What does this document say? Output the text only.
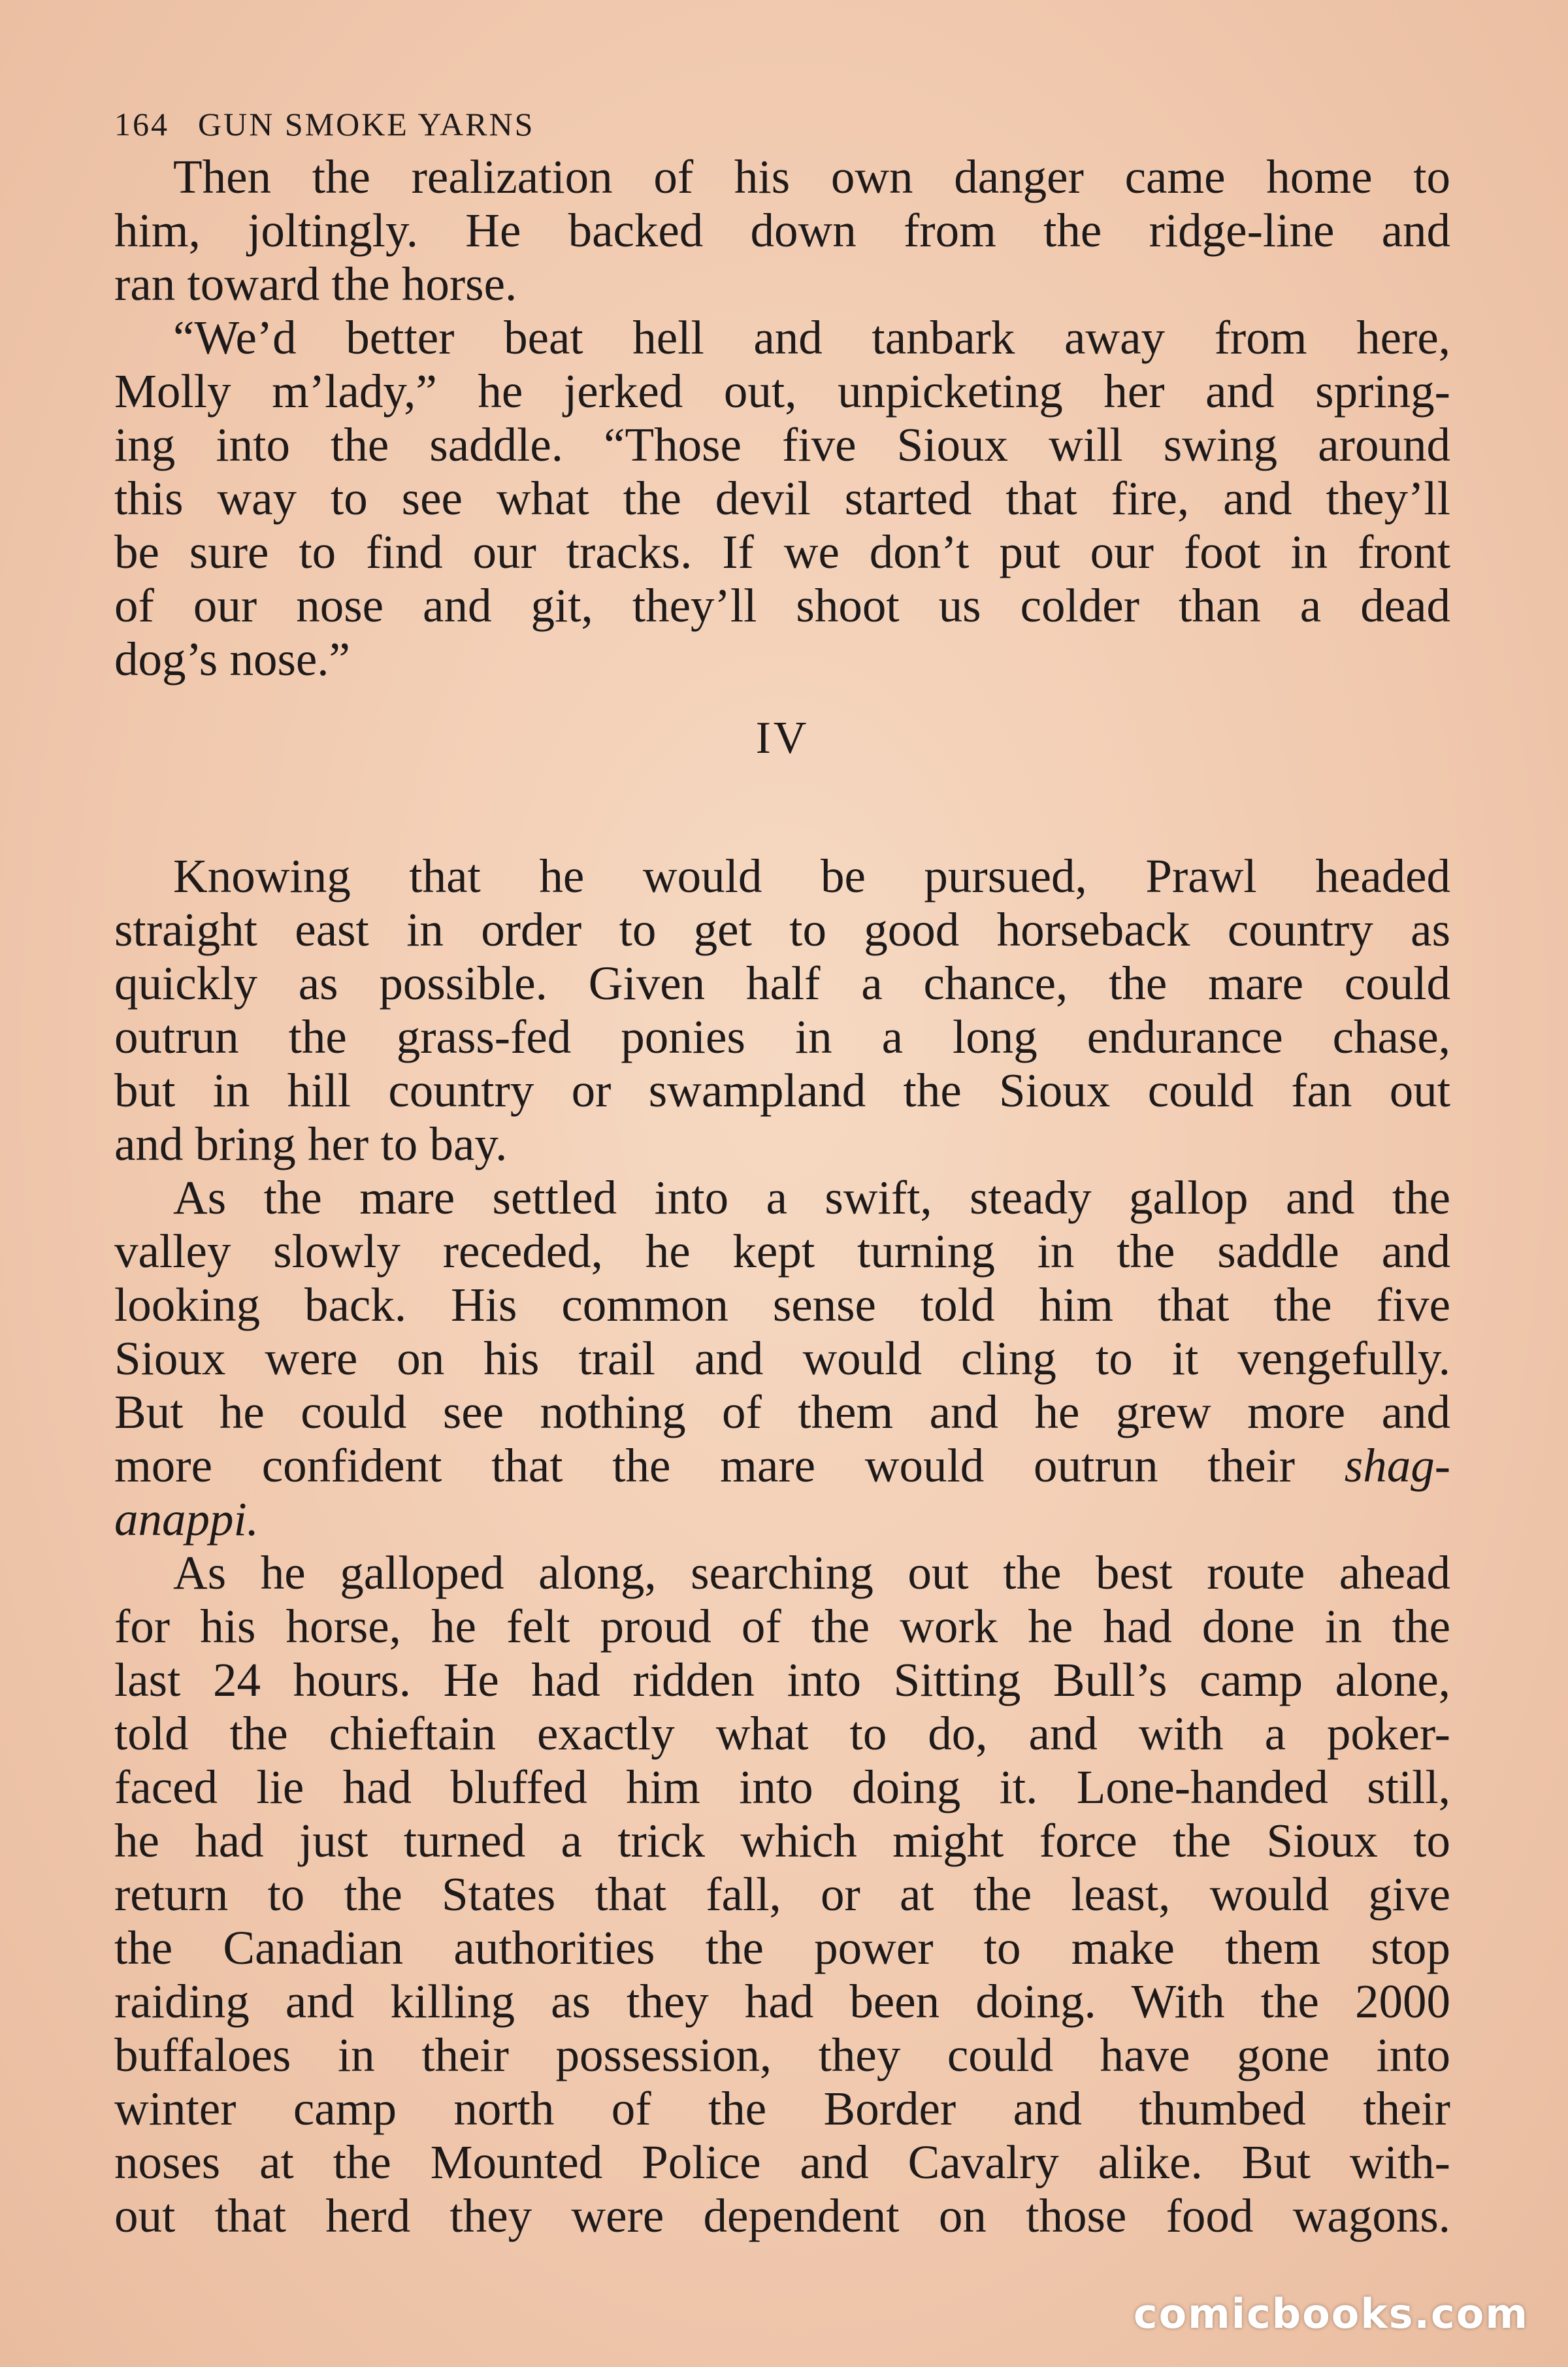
164 GUN SMOKE YARNS
Then the realization of his own danger came home to
him, joltingly. He backed down from the ridge-line and
ran toward the horse.
“We’d better beat hell and tanbark away from here,
Molly m’lady,” he jerked out, unpicketing her and spring-
ing into the saddle. “Those five Sioux will swing around
this way to see what the devil started that fire, and they’ll
be sure to find our tracks. If we don’t put our foot in front
of our nose and git, they’ll shoot us colder than a dead
dog’s nose.”
IV
Knowing that he would be pursued, Prawl headed
straight east in order to get to good horseback country as
quickly as possible. Given half a chance, the mare could
outrun the grass-fed ponies in a long endurance chase,
but in hill country or swampland the Sioux could fan out
and bring her to bay.
As the mare settled into a swift, steady gallop and the
valley slowly receded, he kept turning in the saddle and
looking back. His common sense told him that the five
Sioux were on his trail and would cling to it vengefully.
But he could see nothing of them and he grew more and
more confident that the mare would outrun their shag-
anappi.
As he galloped along, searching out the best route ahead
for his horse, he felt proud of the work he had done in the
last 24 hours. He had ridden into Sitting Bull’s camp alone,
told the chieftain exactly what to do, and with a poker-
faced lie had bluffed him into doing it. Lone-handed still,
he had just turned a trick which might force the Sioux to
return to the States that fall, or at the least, would give
the Canadian authorities the power to make them stop
raiding and killing as they had been doing. With the 2000
buffaloes in their possession, they could have gone into
winter camp north of the Border and thumbed their
noses at the Mounted Police and Cavalry alike. But with-
out that herd they were dependent on those food wagons.
comicbooks.com
